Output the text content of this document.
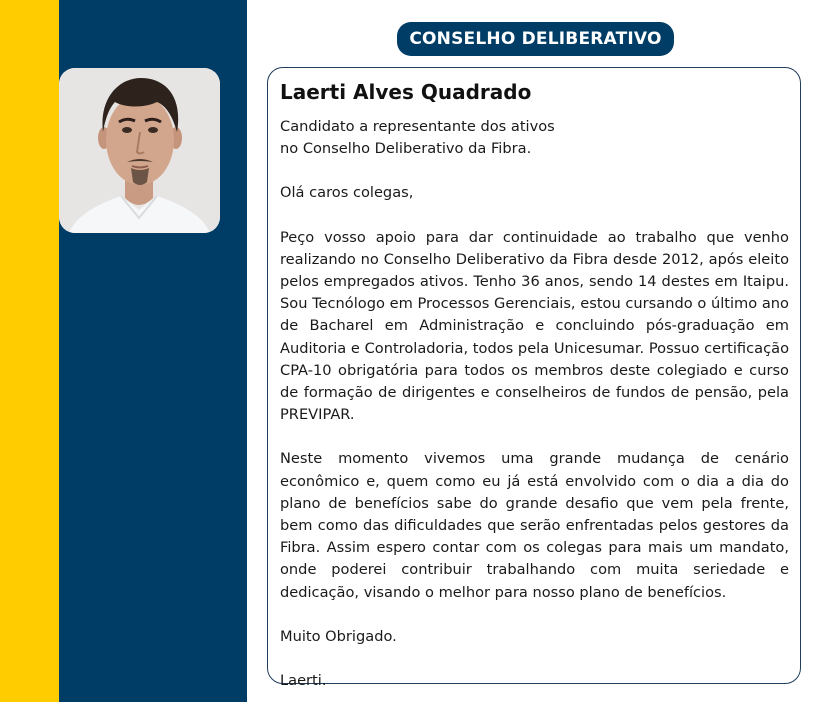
CONSELHO DELIBERATIVO
Laerti Alves Quadrado

Candidato a representante dos ativos
no Conselho Deliberativo da Fibra.

Olá caros colegas,

Peço vosso apoio para dar continuidade ao trabalho que venho realizando no Conselho Deliberativo da Fibra desde 2012, após eleito pelos empregados ativos. Tenho 36 anos, sendo 14 destes em Itaipu. Sou Tecnólogo em Processos Gerenciais, estou cursando o último ano de Bacharel em Administração e concluindo pós-graduação em Auditoria e Controladoria, todos pela Unicesumar. Possuo certificação CPA-10 obrigatória para todos os membros deste colegiado e curso de formação de dirigentes e conselheiros de fundos de pensão, pela PREVIPAR.

Neste momento vivemos uma grande mudança de cenário econômico e, quem como eu já está envolvido com o dia a dia do plano de benefícios sabe do grande desafio que vem pela frente, bem como das dificuldades que serão enfrentadas pelos gestores da Fibra. Assim espero contar com os colegas para mais um mandato, onde poderei contribuir trabalhando com muita seriedade e dedicação, visando o melhor para nosso plano de benefícios.

Muito Obrigado.

Laerti.
